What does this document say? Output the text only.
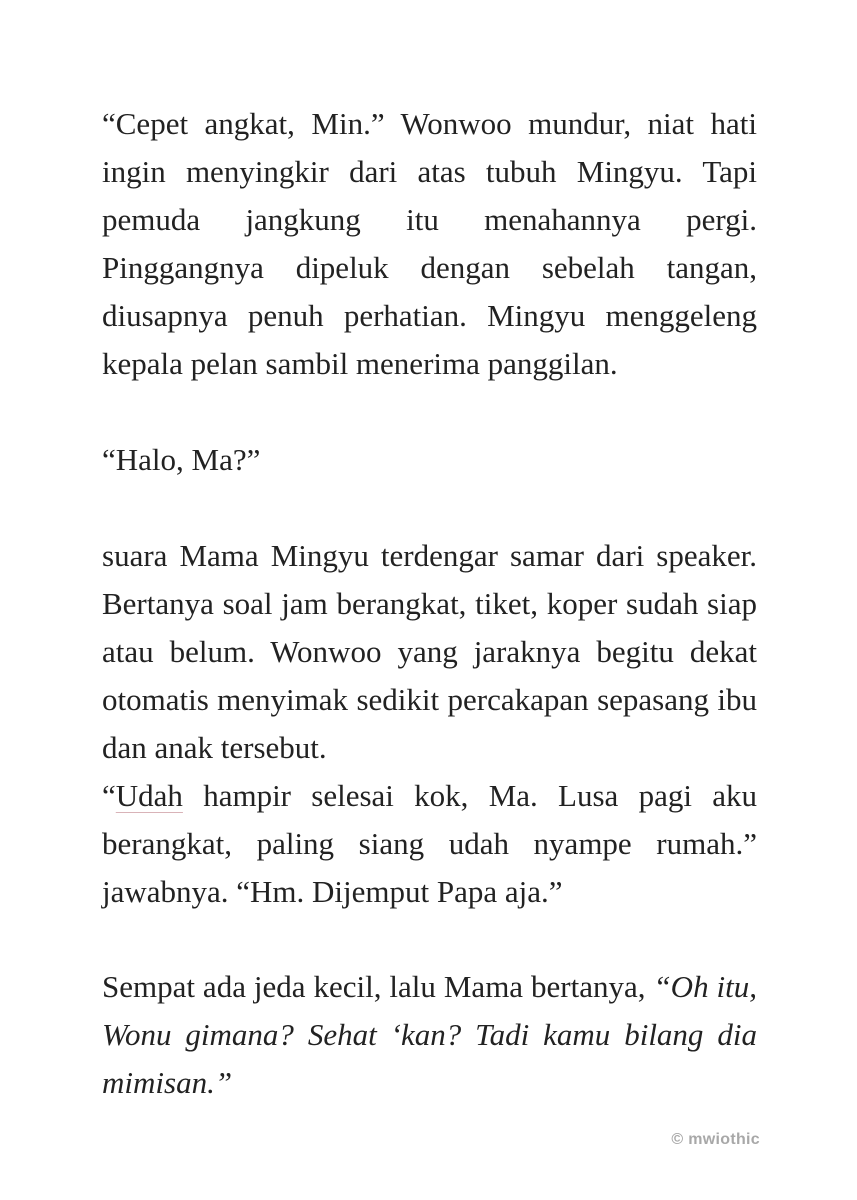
“Cepet angkat, Min.” Wonwoo mundur, niat hati ingin menyingkir dari atas tubuh Mingyu. Tapi pemuda jangkung itu menahannya pergi. Pinggangnya dipeluk dengan sebelah tangan, diusapnya penuh perhatian. Mingyu menggeleng kepala pelan sambil menerima panggilan.

“Halo, Ma?”

suara Mama Mingyu terdengar samar dari speaker. Bertanya soal jam berangkat, tiket, koper sudah siap atau belum. Wonwoo yang jaraknya begitu dekat otomatis menyimak sedikit percakapan sepasang ibu dan anak tersebut.

“Udah hampir selesai kok, Ma. Lusa pagi aku berangkat, paling siang udah nyampe rumah.” jawabnya. “Hm. Dijemput Papa aja.”

Sempat ada jeda kecil, lalu Mama bertanya, “Oh itu, Wonu gimana? Sehat ‘kan? Tadi kamu bilang dia mimisan.”

© mwiothic
